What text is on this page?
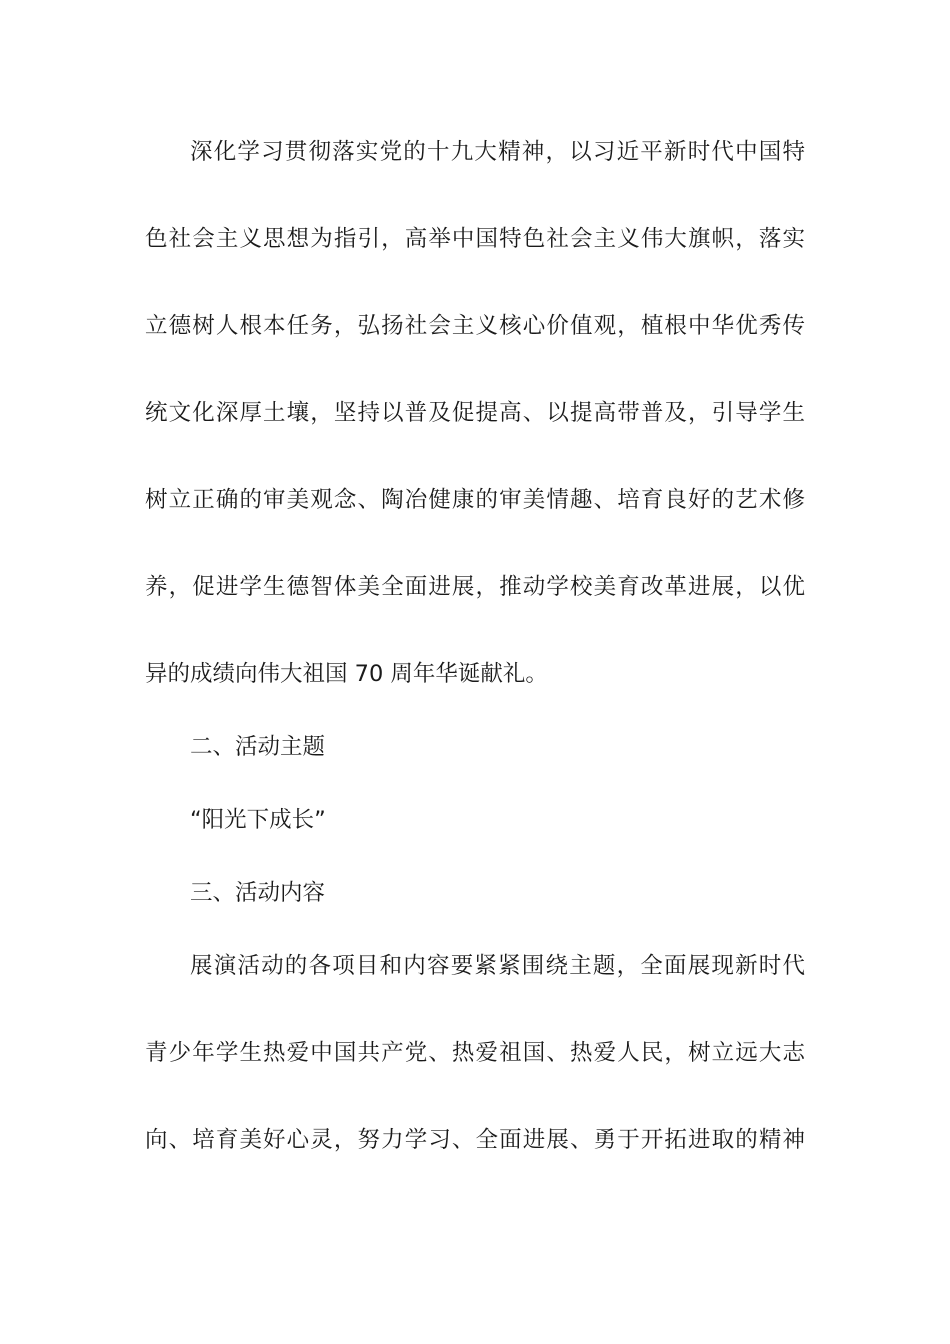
深化学习贯彻落实党的十九大精神，以习近平新时代中国特
色社会主义思想为指引，高举中国特色社会主义伟大旗帜，落实
立德树人根本任务，弘扬社会主义核心价值观，植根中华优秀传
统文化深厚土壤，坚持以普及促提高、以提高带普及，引导学生
树立正确的审美观念、陶冶健康的审美情趣、培育良好的艺术修
养，促进学生德智体美全面进展，推动学校美育改革进展，以优
异的成绩向伟大祖国 70 周年华诞献礼。
二、活动主题
“阳光下成长”
三、活动内容
展演活动的各项目和内容要紧紧围绕主题，全面展现新时代
青少年学生热爱中国共产党、热爱祖国、热爱人民，树立远大志
向、培育美好心灵，努力学习、全面进展、勇于开拓进取的精神
